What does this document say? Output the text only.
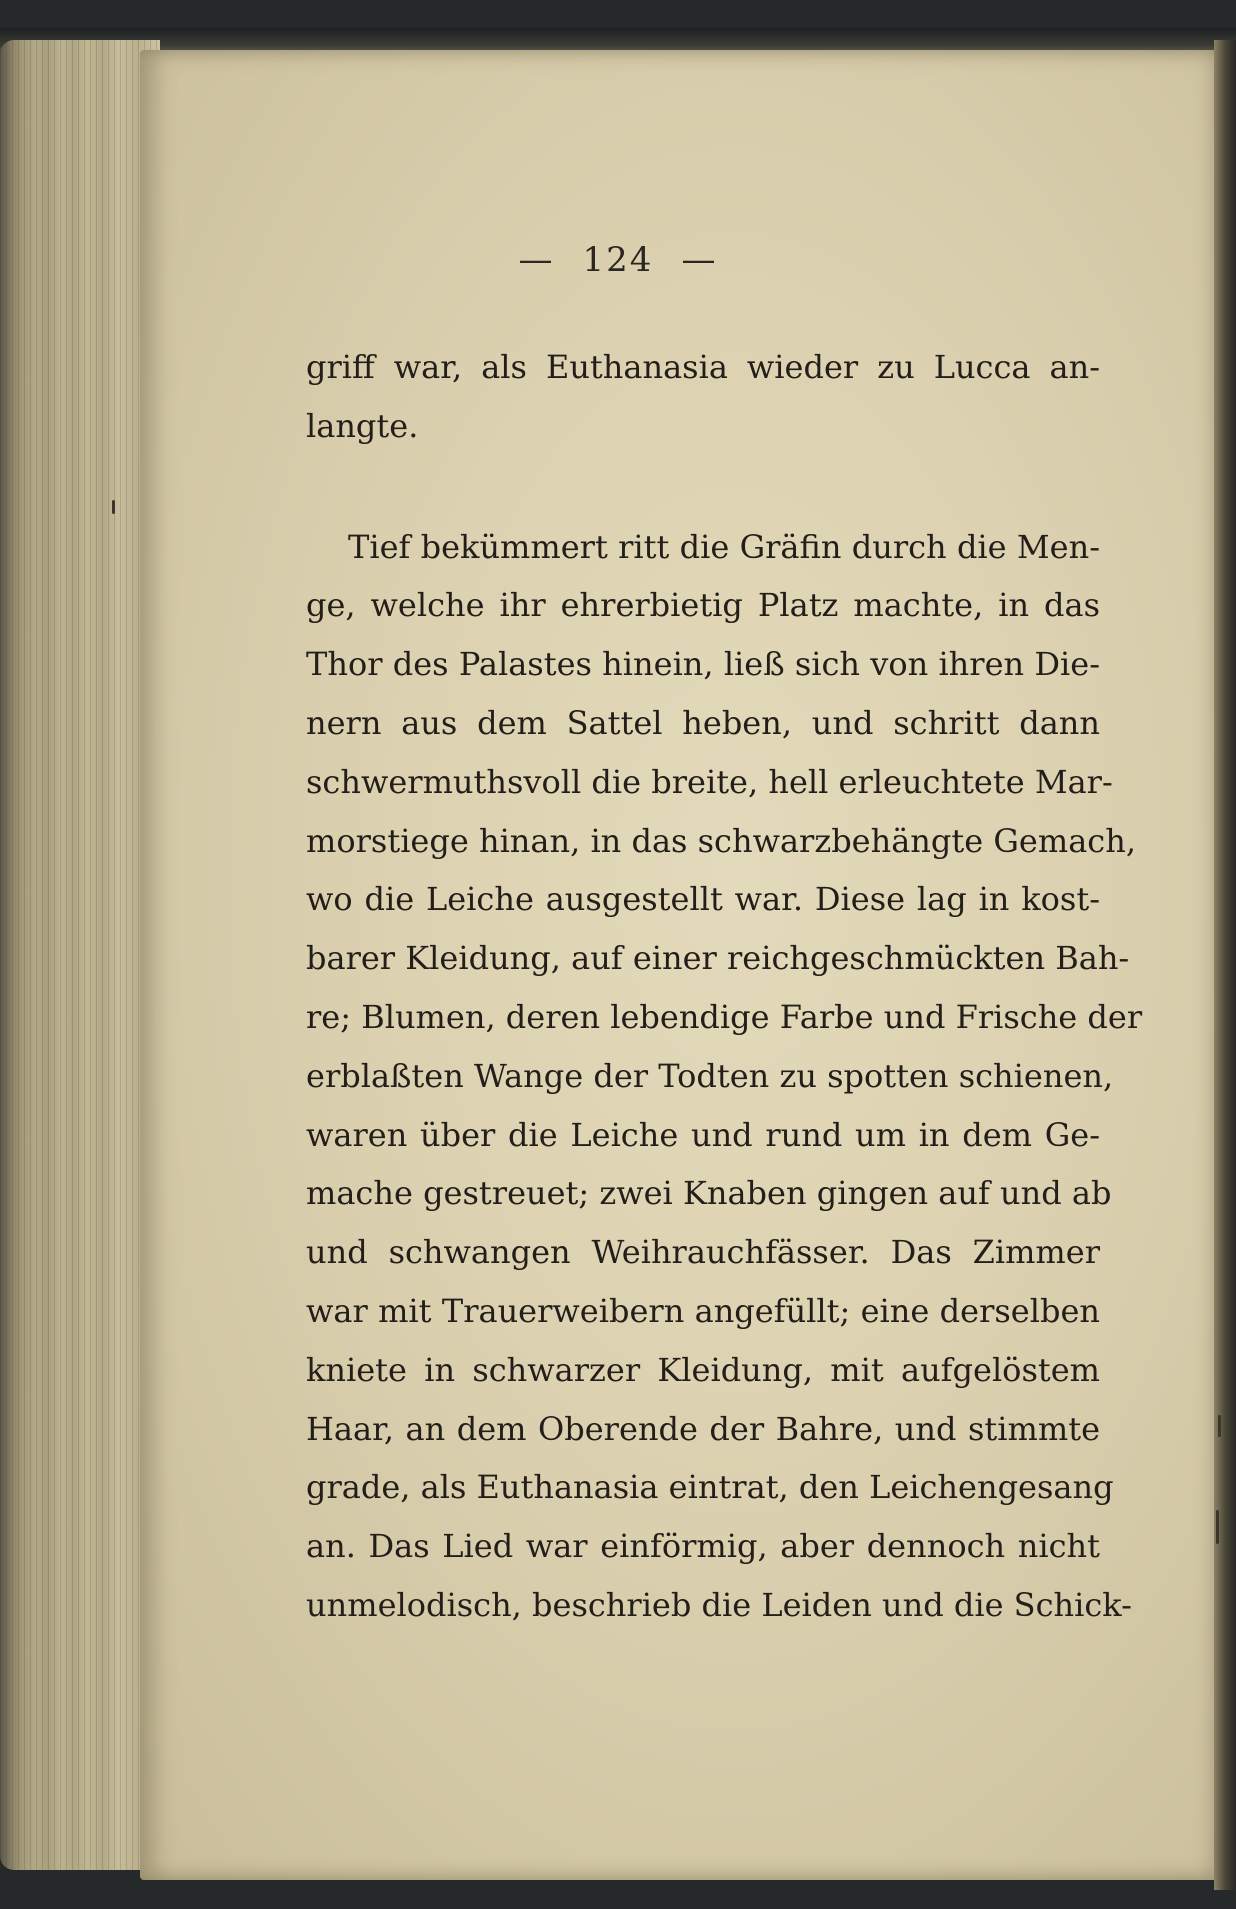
— 124 —
griff war, als Euthanasia wieder zu Lucca an-
langte.
Tief bekümmert ritt die Gräfin durch die Men-
ge, welche ihr ehrerbietig Platz machte, in das
Thor des Palastes hinein, ließ sich von ihren Die-
nern aus dem Sattel heben, und schritt dann
schwermuthsvoll die breite, hell erleuchtete Mar-
morstiege hinan, in das schwarzbehängte Gemach,
wo die Leiche ausgestellt war. Diese lag in kost-
barer Kleidung, auf einer reichgeschmückten Bah-
re; Blumen, deren lebendige Farbe und Frische der
erblaßten Wange der Todten zu spotten schienen,
waren über die Leiche und rund um in dem Ge-
mache gestreuet; zwei Knaben gingen auf und ab
und schwangen Weihrauchfässer. Das Zimmer
war mit Trauerweibern angefüllt; eine derselben
kniete in schwarzer Kleidung, mit aufgelöstem
Haar, an dem Oberende der Bahre, und stimmte
grade, als Euthanasia eintrat, den Leichengesang
an. Das Lied war einförmig, aber dennoch nicht
unmelodisch, beschrieb die Leiden und die Schick-
